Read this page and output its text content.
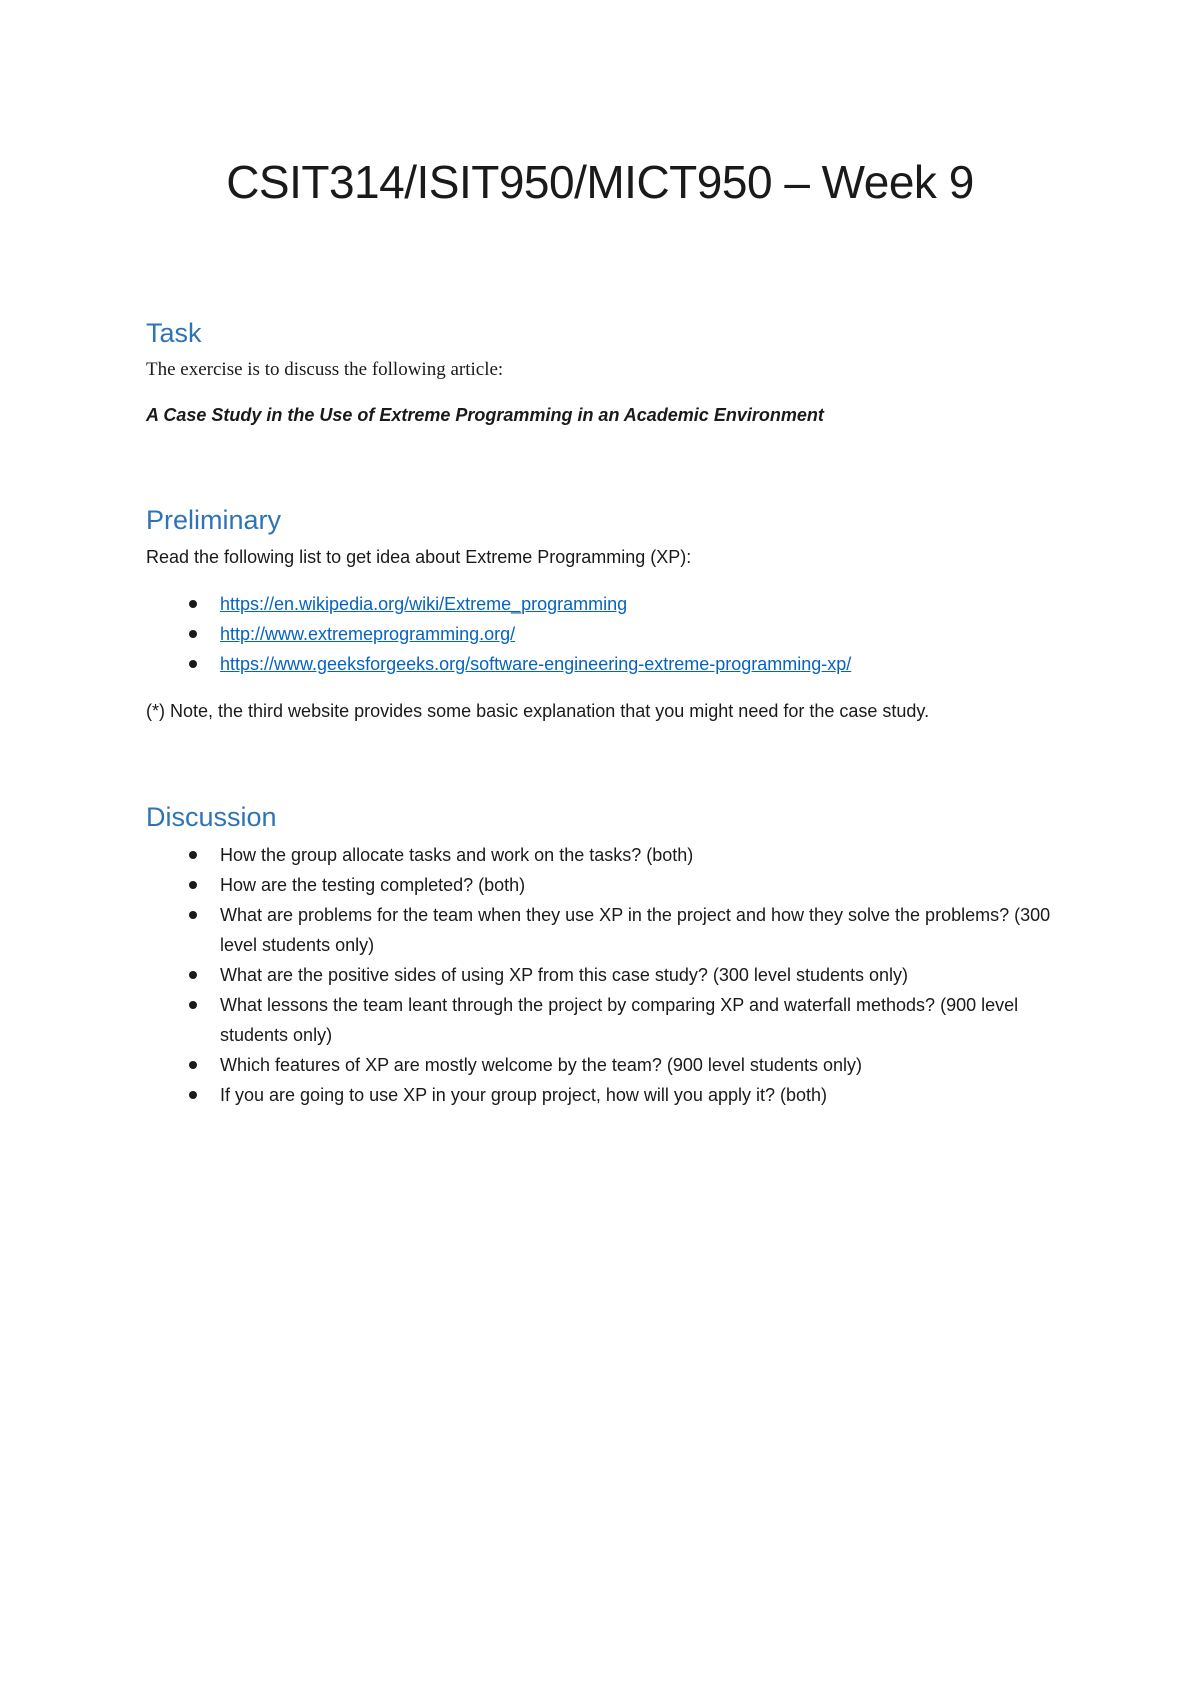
CSIT314/ISIT950/MICT950 – Week 9
Task

The exercise is to discuss the following article:

A Case Study in the Use of Extreme Programming in an Academic Environment

Preliminary

Read the following list to get idea about Extreme Programming (XP):

https://en.wikipedia.org/wiki/Extreme_programming
http://www.extremeprogramming.org/
https://www.geeksforgeeks.org/software-engineering-extreme-programming-xp/

(*) Note, the third website provides some basic explanation that you might need for the case study.

Discussion
How the group allocate tasks and work on the tasks? (both)
How are the testing completed? (both)
What are problems for the team when they use XP in the project and how they solve the problems? (300 level students only)
What are the positive sides of using XP from this case study? (300 level students only)
What lessons the team leant through the project by comparing XP and waterfall methods? (900 level students only)
Which features of XP are mostly welcome by the team? (900 level students only)
If you are going to use XP in your group project, how will you apply it? (both)
